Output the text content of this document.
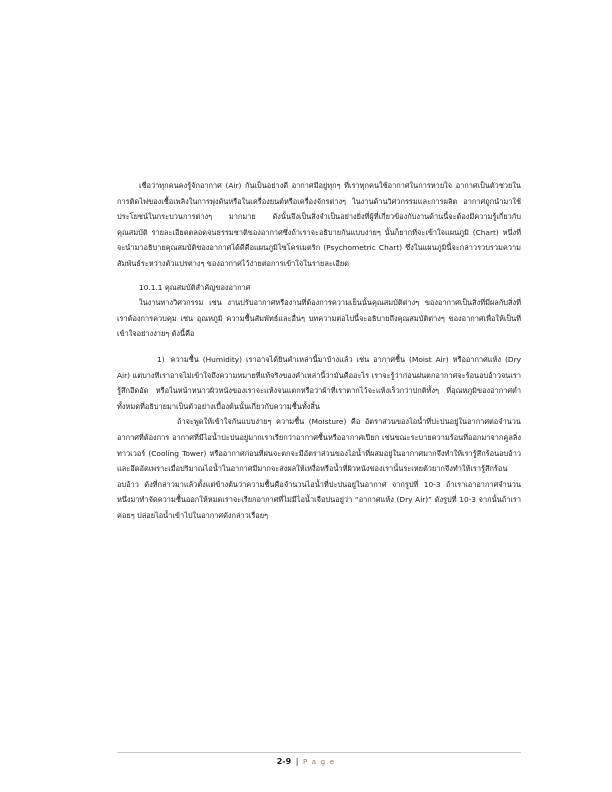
เชื่อว่าทุกคนคงรู้จักอากาศ (Air) กันเป็นอย่างดี อากาศมีอยู่ทุกๆ ที่เราทุกคนใช้อากาศในการหายใจ อากาศเป็นตัวช่วยในการติดไฟของเชื้อเพลิงในการพุ่งดันหรือในเครื่องยนต์หรือเครื่องจักรต่างๆ ในงานด้านวิศวกรรมและการผลิต อากาศถูกนำมาใช้ประโยชน์ในกระบวนการต่างๆ มากมาย ดังนั้นจึงเป็นสิ่งจำเป็นอย่างยิ่งที่ผู้ที่เกี่ยวข้องกับงานด้านนี้จะต้องมีความรู้เกี่ยวกับคุณสมบัติ รายละเอียดตลอดจนธรรมชาติของอากาศซึ่งถ้าเราจะอธิบายกันแบบง่ายๆ นั้นก็ยากที่จะเข้าใจแผนภูมิ (Chart) หนึ่งที่จะนำมาอธิบายคุณสมบัติของอากาศได้ดีคือแผนภูมิไซโครเมตริก (Psychometric Chart) ซึ่งในแผนภูมินี้จะกล่าวรวบรวมความสัมพันธ์ระหว่างตัวแปรต่างๆ ของอากาศไว้ง่ายต่อการเข้าใจในรายละเอียด

10.1.1 คุณสมบัติสำคัญของอากาศ

ในงานทางวิศวกรรม เช่น งานปรับอากาศหรืองานที่ต้องการความเย็นนั้นคุณสมบัติต่างๆ ของอากาศเป็นสิ่งที่มีผลกับสิ่งที่เราต้องการควบคุม เช่น อุณหภูมิ ความชื้นสัมพัทธ์และอื่นๆ บทความต่อไปนี้จะอธิบายถึงคุณสมบัติต่างๆ ของอากาศเพื่อให้เป็นที่เข้าใจอย่างง่ายๆ ดังนี้คือ

1) ความชื้น (Humidity) เราอาจได้ยินคำเหล่านี้มาบ้างแล้ว เช่น อากาศชื้น (Moist Air) หรืออากาศแห้ง (Dry Air) แต่บางทีเราอาจไม่เข้าใจถึงความหมายที่แท้จริงของคำเหล่านี้ว่ามันคืออะไร เราจะรู้ว่าก่อนฝนตกอากาศจะร้อนอบอ้าวจนเรารู้สึกอึดอัด หรือในหน้าหนาวผิวหนังของเราจะแห้งจนแตกหรือว่าผ้าที่เราตากไว้จะแห้งเร็วกว่าปกติทั้งๆ ที่อุณหภูมิของอากาศต่ำ ทั้งหมดที่อธิบายมาเป็นตัวอย่างเบื้องต้นนั้นเกี่ยวกับความชื้นทั้งสิ้น

ถ้าจะพูดให้เข้าใจกันแบบง่ายๆ ความชื้น (Moisture) คือ อัตราส่วนของไอน้ำที่ปะปนอยู่ในอากาศต่อจำนวนอากาศที่ต้องการ อากาศที่มีไอน้ำปะปนอยู่มากเราเรียกว่าอากาศชื้นหรืออากาศเปียก เช่นขณะระบายความร้อนที่ออกมาจากคูลลิ่งทาวเวอร์ (Cooling Tower) หรืออากาศก่อนที่ฝนจะตกจะมีอัตราส่วนของไอน้ำที่ผสมอยู่ในอากาศมากจึงทำให้เรารู้สึกร้อนอบอ้าวและอึดอัดเพราะเมื่อปริมาณไอน้ำในอากาศมีมากจะส่งผลให้เหงื่อหรือน้ำที่ผิวหนังของเรานั้นระเหยตัวยากจึงทำให้เรารู้สึกร้อนอบอ้าว ดังที่กล่าวมาแล้วตั้งแต่ข้างต้นว่าความชื้นคือจำนวนไอน้ำที่ปะปนอยู่ในอากาศ จากรูปที่ 10-3 ถ้าเราเอาอากาศจำนวนหนึ่งมาทำจัดความชื้นออกให้หมดเราจะเรียกอากาศที่ไม่มีไอน้ำเจือปนอยู่ว่า “อากาศแห้ง (Dry Air)” ดังรูปที่ 10-3 จากนั้นถ้าเราค่อยๆ ปล่อยไอน้ำเข้าไปในอากาศดังกล่าวเรื่อยๆ

2-9 | P a g e
